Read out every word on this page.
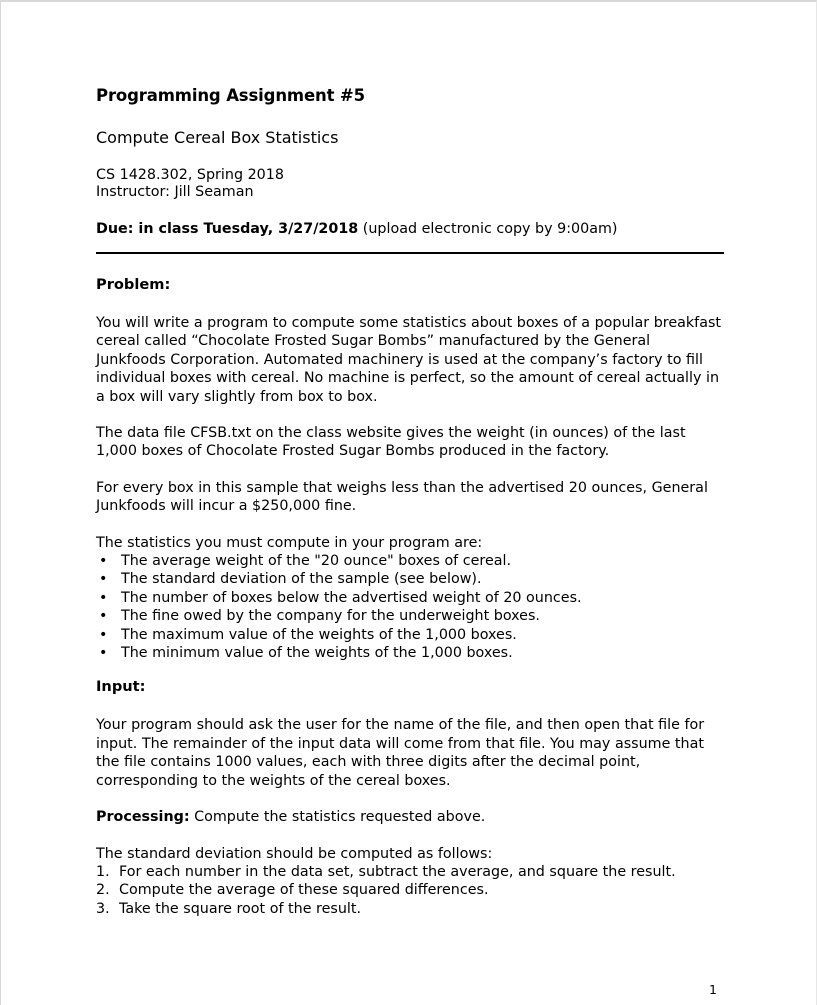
Programming Assignment #5
Compute Cereal Box Statistics
CS 1428.302, Spring 2018
Instructor: Jill Seaman
Due: in class Tuesday, 3/27/2018 (upload electronic copy by 9:00am)
Problem:

You will write a program to compute some statistics about boxes of a popular breakfast cereal called “Chocolate Frosted Sugar Bombs” manufactured by the General Junkfoods Corporation. Automated machinery is used at the company’s factory to fill individual boxes with cereal. No machine is perfect, so the amount of cereal actually in a box will vary slightly from box to box.

The data file CFSB.txt on the class website gives the weight (in ounces) of the last 1,000 boxes of Chocolate Frosted Sugar Bombs produced in the factory.

For every box in this sample that weighs less than the advertised 20 ounces, General Junkfoods will incur a $250,000 fine.

The statistics you must compute in your program are:
• The average weight of the "20 ounce" boxes of cereal.
• The standard deviation of the sample (see below).
• The number of boxes below the advertised weight of 20 ounces.
• The fine owed by the company for the underweight boxes.
• The maximum value of the weights of the 1,000 boxes.
• The minimum value of the weights of the 1,000 boxes.
Input:

Your program should ask the user for the name of the file, and then open that file for input. The remainder of the input data will come from that file. You may assume that the file contains 1000 values, each with three digits after the decimal point, corresponding to the weights of the cereal boxes.

Processing: Compute the statistics requested above.
The standard deviation should be computed as follows:
1. For each number in the data set, subtract the average, and square the result.
2. Compute the average of these squared differences.
3. Take the square root of the result.
1
